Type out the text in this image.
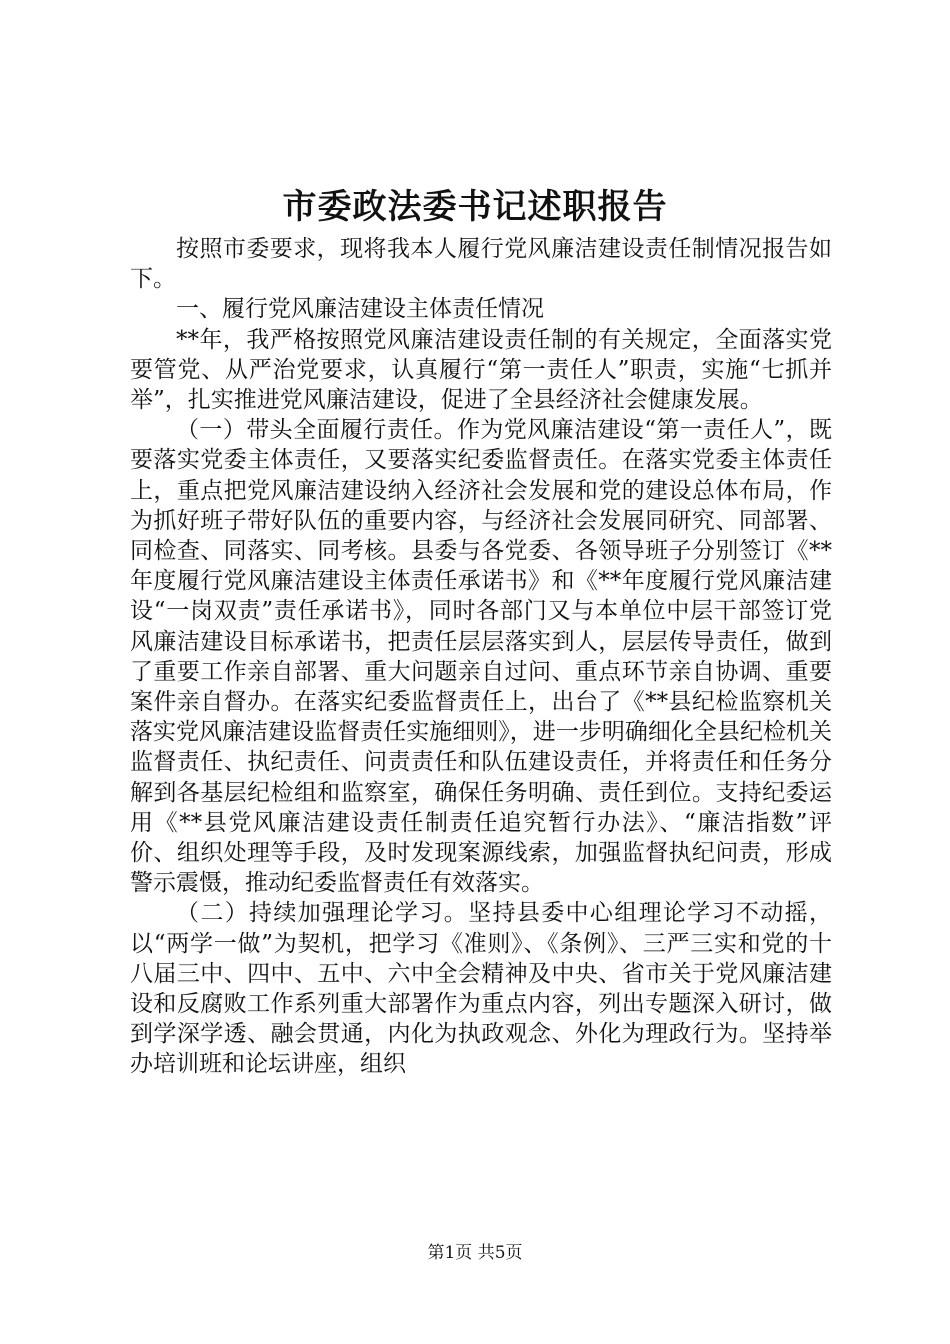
市委政法委书记述职报告

按照市委要求，现将我本人履行党风廉洁建设责任制情况报告如下。

一、履行党风廉洁建设主体责任情况

**年，我严格按照党风廉洁建设责任制的有关规定，全面落实党要管党、从严治党要求，认真履行“第一责任人”职责，实施“七抓并举”，扎实推进党风廉洁建设，促进了全县经济社会健康发展。

（一）带头全面履行责任。作为党风廉洁建设“第一责任人”，既要落实党委主体责任，又要落实纪委监督责任。在落实党委主体责任上，重点把党风廉洁建设纳入经济社会发展和党的建设总体布局，作为抓好班子带好队伍的重要内容，与经济社会发展同研究、同部署、同检查、同落实、同考核。县委与各党委、各领导班子分别签订《**年度履行党风廉洁建设主体责任承诺书》和《**年度履行党风廉洁建设“一岗双责”责任承诺书》，同时各部门又与本单位中层干部签订党风廉洁建设目标承诺书，把责任层层落实到人，层层传导责任，做到了重要工作亲自部署、重大问题亲自过问、重点环节亲自协调、重要案件亲自督办。在落实纪委监督责任上，出台了《**县纪检监察机关落实党风廉洁建设监督责任实施细则》，进一步明确细化全县纪检机关监督责任、执纪责任、问责责任和队伍建设责任，并将责任和任务分解到各基层纪检组和监察室，确保任务明确、责任到位。支持纪委运用《**县党风廉洁建设责任制责任追究暂行办法》、“廉洁指数”评价、组织处理等手段，及时发现案源线索，加强监督执纪问责，形成警示震慑，推动纪委监督责任有效落实。

（二）持续加强理论学习。坚持县委中心组理论学习不动摇，以“两学一做”为契机，把学习《准则》、《条例》、三严三实和党的十八届三中、四中、五中、六中全会精神及中央、省市关于党风廉洁建设和反腐败工作系列重大部署作为重点内容，列出专题深入研讨，做到学深学透、融会贯通，内化为执政观念、外化为理政行为。坚持举办培训班和论坛讲座，组织

第1页 共5页
